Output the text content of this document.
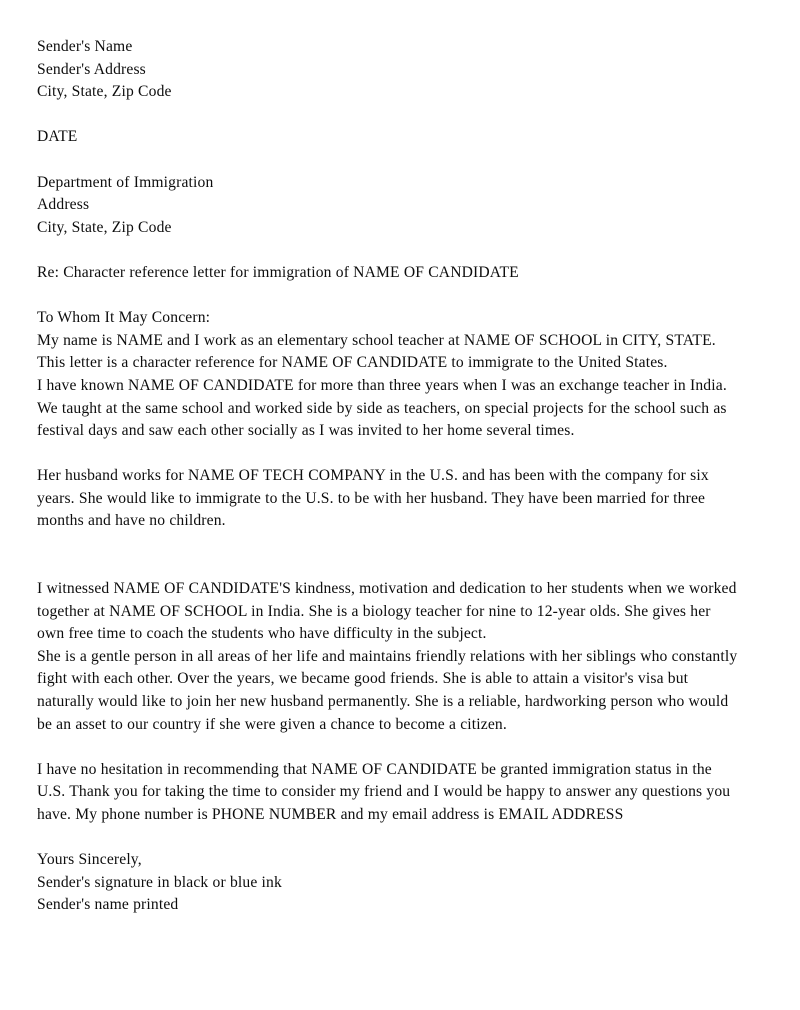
Sender's Name
Sender's Address
City, State, Zip Code
DATE
Department of Immigration
Address
City, State, Zip Code
Re: Character reference letter for immigration of NAME OF CANDIDATE
To Whom It May Concern:
My name is NAME and I work as an elementary school teacher at NAME OF SCHOOL in CITY, STATE. This letter is a character reference for NAME OF CANDIDATE to immigrate to the United States.
I have known NAME OF CANDIDATE for more than three years when I was an exchange teacher in India. We taught at the same school and worked side by side as teachers, on special projects for the school such as festival days and saw each other socially as I was invited to her home several times.
Her husband works for NAME OF TECH COMPANY in the U.S. and has been with the company for six years. She would like to immigrate to the U.S. to be with her husband. They have been married for three months and have no children.
I witnessed NAME OF CANDIDATE'S kindness, motivation and dedication to her students when we worked together at NAME OF SCHOOL in India. She is a biology teacher for nine to 12-year olds. She gives her own free time to coach the students who have difficulty in the subject.
She is a gentle person in all areas of her life and maintains friendly relations with her siblings who constantly fight with each other. Over the years, we became good friends. She is able to attain a visitor's visa but naturally would like to join her new husband permanently. She is a reliable, hardworking person who would be an asset to our country if she were given a chance to become a citizen.
I have no hesitation in recommending that NAME OF CANDIDATE be granted immigration status in the U.S. Thank you for taking the time to consider my friend and I would be happy to answer any questions you have. My phone number is PHONE NUMBER and my email address is EMAIL ADDRESS
Yours Sincerely,
Sender's signature in black or blue ink
Sender's name printed
